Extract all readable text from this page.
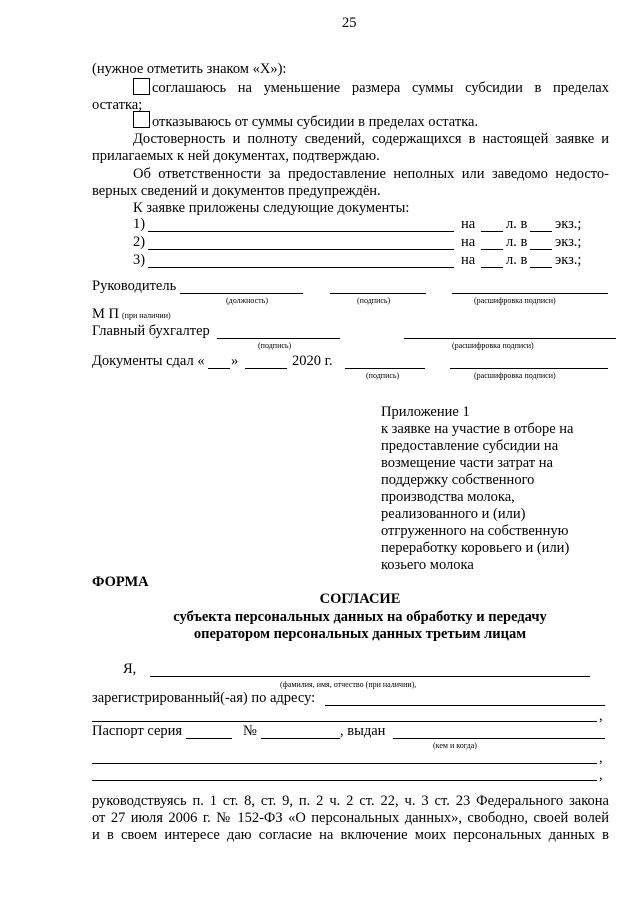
25
(нужное отметить знаком «Х»):
соглашаюсь на уменьшение размера суммы субсидии в пределах
остатка;
отказываюсь от суммы субсидии в пределах остатка.
Достоверность и полноту сведений, содержащихся в настоящей заявке и
прилагаемых к ней документах, подтверждаю.
Об ответственности за предоставление неполных или заведомо недосто-
верных сведений и документов предупреждён.
К заявке приложены следующие документы:
1)	на л. в экз.;
2)	на л. в экз.;
3)	на л. в экз.;
Руководитель
(должность)	(подпись)	(расшифровка подписи)
М П (при наличии)
Главный бухгалтер
(подпись)	(расшифровка подписи)
Документы сдал « »	2020 г.
(подпись)	(расшифровка подписи)
Приложение 1
к заявке на участие в отборе на
предоставление субсидии на
возмещение части затрат на
поддержку собственного
производства молока,
реализованного и (или)
отгруженного на собственную
переработку коровьего и (или)
козьего молока
ФОРМА
СОГЛАСИЕ
субъекта персональных данных на обработку и передачу
оператором персональных данных третьим лицам
Я,
(фамилия, имя, отчество (при наличии),
зарегистрированный(-ая) по адресу:
,
Паспорт серия	№	, выдан
(кем и когда)
,
,
руководствуясь п. 1 ст. 8, ст. 9, п. 2 ч. 2 ст. 22, ч. 3 ст. 23 Федерального закона
от 27 июля 2006 г. № 152-ФЗ «О персональных данных», свободно, своей волей
и в своем интересе даю согласие на включение моих персональных данных в
